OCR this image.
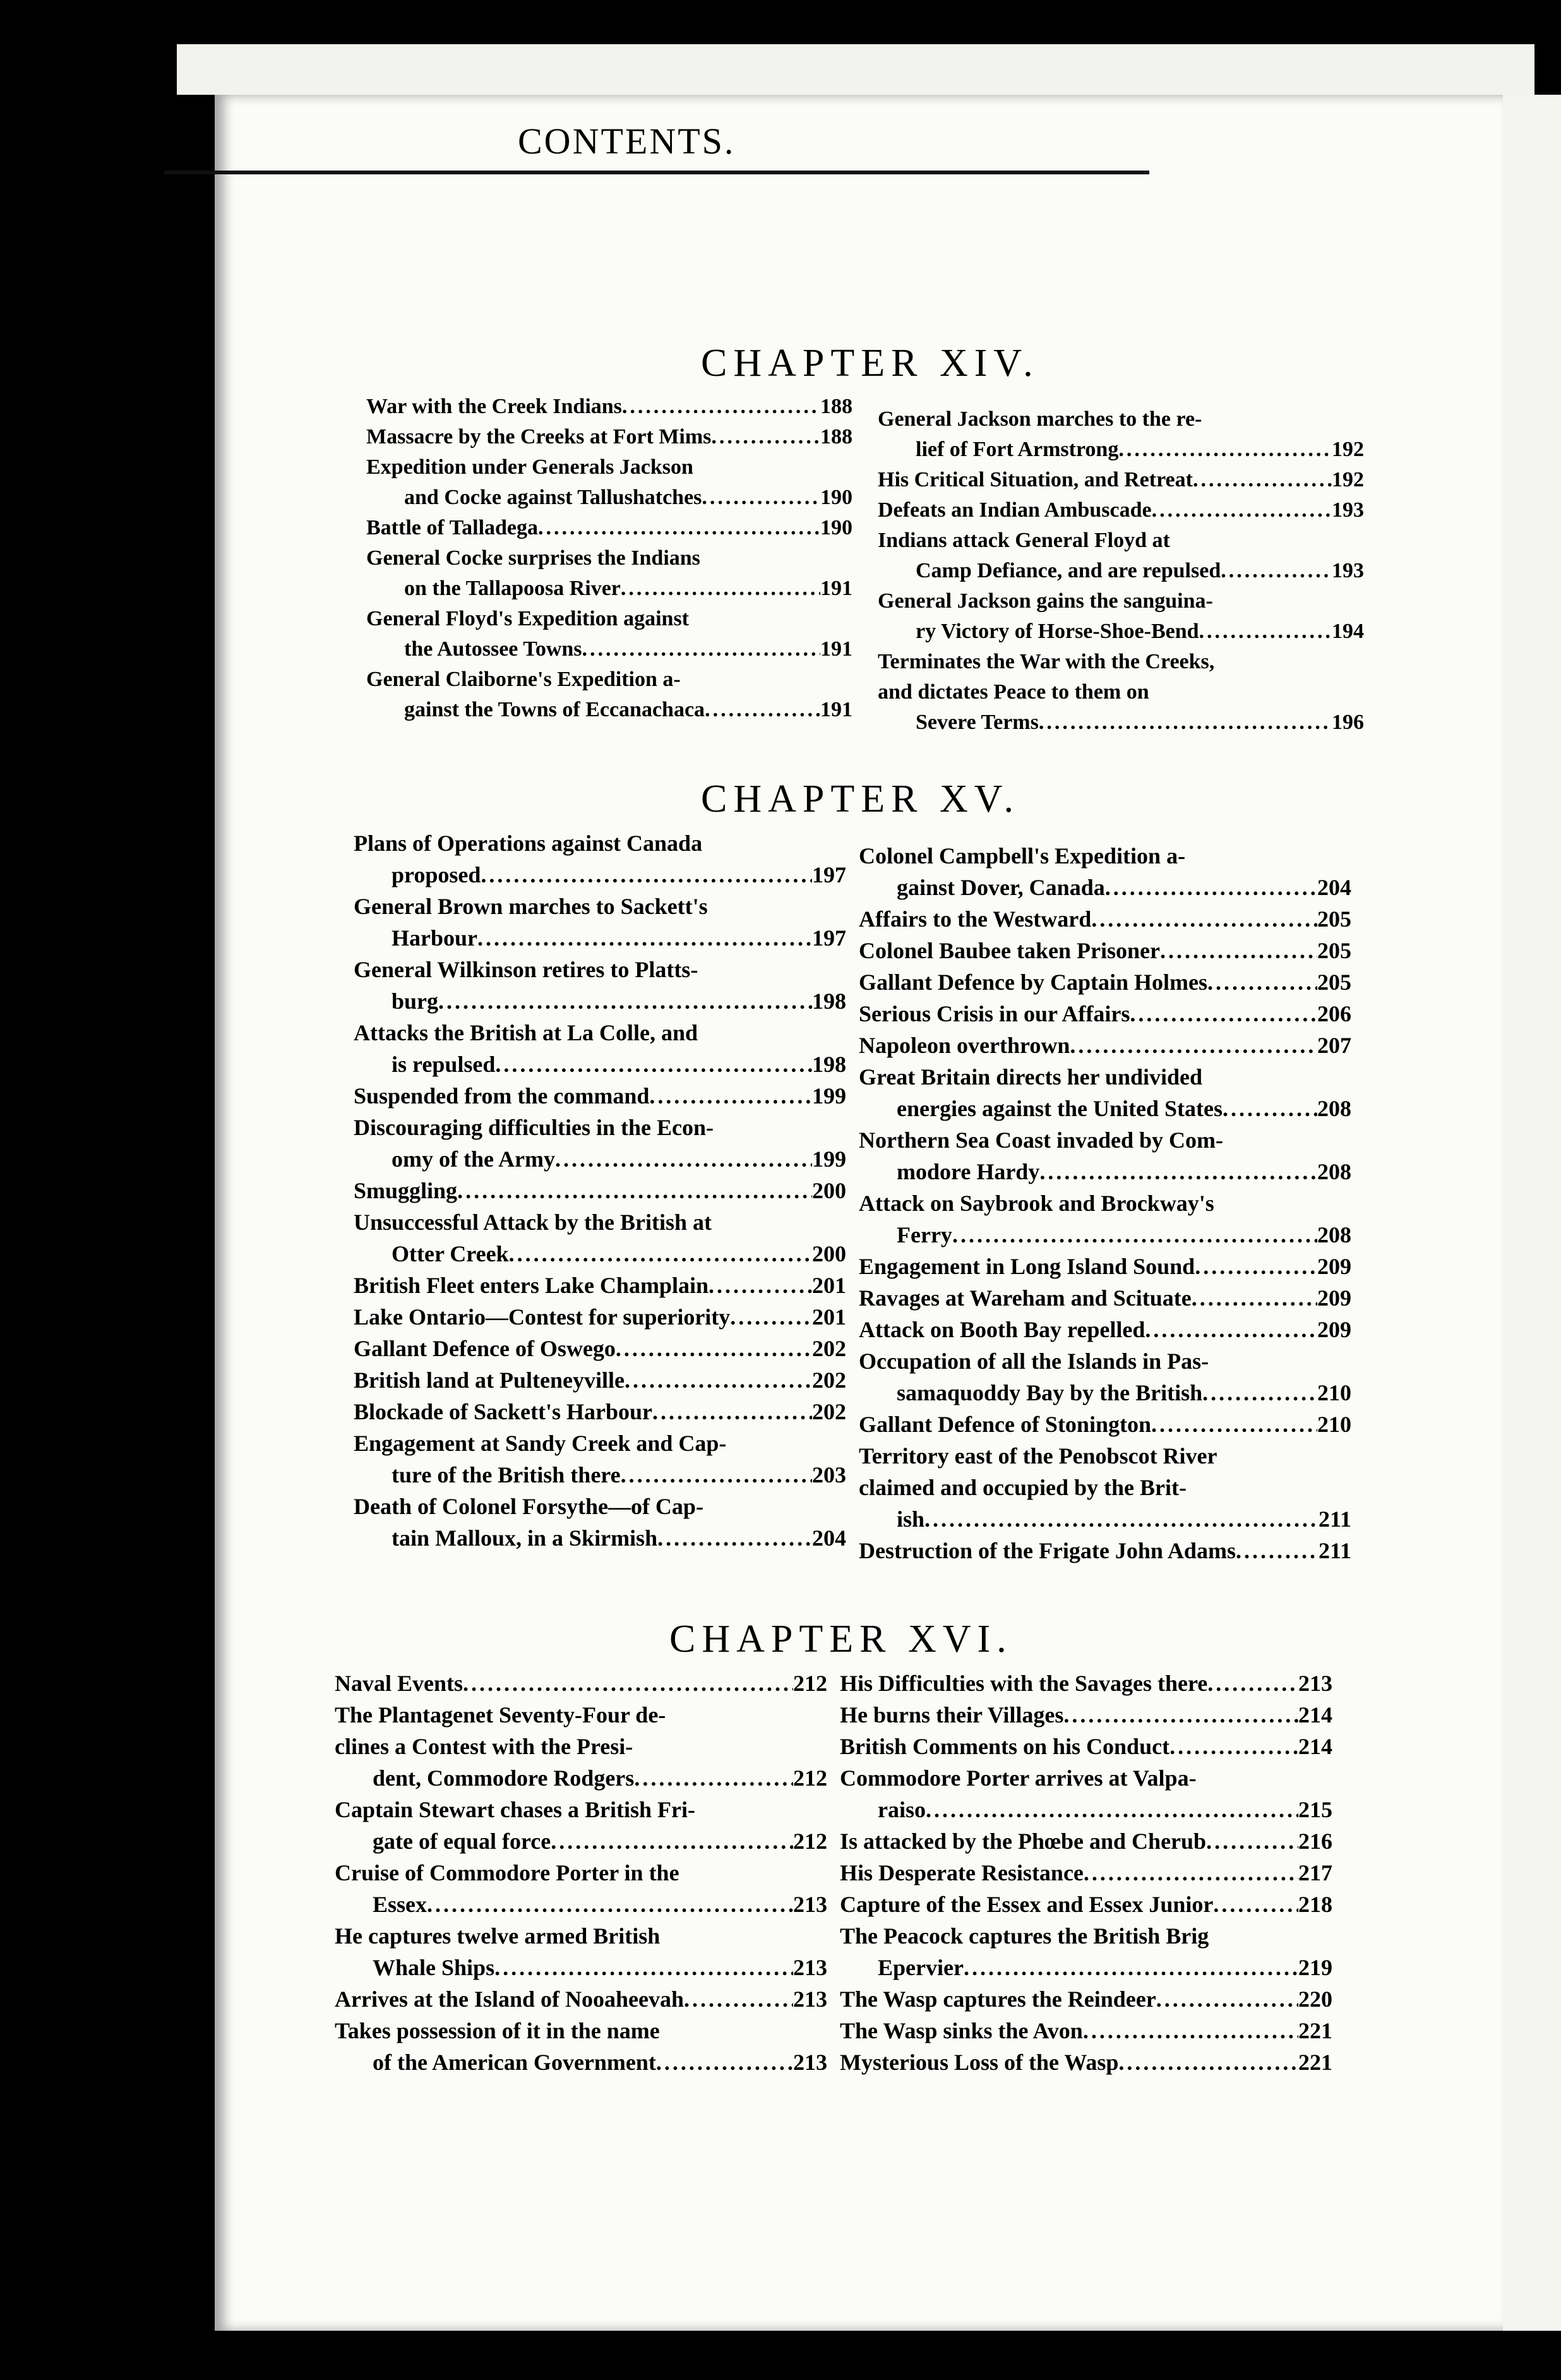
10	CONTENTS.
CHAPTER XIV.
War with the Creek Indians .....	188
Massacre by the Creeks at Fort Mims .....	188
Expedition under Generals Jackson
and Cocke against Tallushatches .....	190
Battle of Talladega .....	190
General Cocke surprises the Indians
on the Tallapoosa River .....	191
General Floyd's Expedition against
the Autossee Towns .....	191
General Claiborne's Expedition a-
gainst the Towns of Eccanachaca .....	191
General Jackson marches to the re-
lief of Fort Armstrong .....	192
His Critical Situation, and Retreat .....	192
Defeats an Indian Ambuscade .....	193
Indians attack General Floyd at
Camp Defiance, and are repulsed .....	193
General Jackson gains the sanguina-
ry Victory of Horse-Shoe-Bend .....	194
Terminates the War with the Creeks,
and dictates Peace to them on
Severe Terms .....	196
CHAPTER XV.
Plans of Operations against Canada
proposed .....	197
General Brown marches to Sackett's
Harbour .....	197
General Wilkinson retires to Platts-
burg .....	198
Attacks the British at La Colle, and
is repulsed .....	198
Suspended from the command .....	199
Discouraging difficulties in the Econ-
omy of the Army .....	199
Smuggling .....	200
Unsuccessful Attack by the British at
Otter Creek .....	200
British Fleet enters Lake Champlain .....	201
Lake Ontario—Contest for superiority .....	201
Gallant Defence of Oswego .....	202
British land at Pulteneyville .....	202
Blockade of Sackett's Harbour .....	202
Engagement at Sandy Creek and Cap-
ture of the British there .....	203
Death of Colonel Forsythe—of Cap-
tain Malloux, in a Skirmish .....	204
Colonel Campbell's Expedition a-
gainst Dover, Canada .....	204
Affairs to the Westward .....	205
Colonel Baubee taken Prisoner .....	205
Gallant Defence by Captain Holmes .....	205
Serious Crisis in our Affairs .....	206
Napoleon overthrown .....	207
Great Britain directs her undivided
energies against the United States .....	208
Northern Sea Coast invaded by Com-
modore Hardy .....	208
Attack on Saybrook and Brockway's
Ferry .....	208
Engagement in Long Island Sound .....	209
Ravages at Wareham and Scituate .....	209
Attack on Booth Bay repelled .....	209
Occupation of all the Islands in Pas-
samaquoddy Bay by the British .....	210
Gallant Defence of Stonington .....	210
Territory east of the Penobscot River
claimed and occupied by the Brit-
ish .....	211
Destruction of the Frigate John Adams .....	211
CHAPTER XVI.
Naval Events .....	212
The Plantagenet Seventy-Four de-
clines a Contest with the Presi-
dent, Commodore Rodgers .....	212
Captain Stewart chases a British Fri-
gate of equal force .....	212
Cruise of Commodore Porter in the
Essex .....	213
He captures twelve armed British
Whale Ships .....	213
Arrives at the Island of Nooaheevah .....	213
Takes possession of it in the name
of the American Government .....	213
His Difficulties with the Savages there .....	213
He burns their Villages .....	214
British Comments on his Conduct .....	214
Commodore Porter arrives at Valpa-
raiso .....	215
Is attacked by the Phœbe and Cherub .....	216
His Desperate Resistance .....	217
Capture of the Essex and Essex Junior .....	218
The Peacock captures the British Brig
Epervier .....	219
The Wasp captures the Reindeer .....	220
The Wasp sinks the Avon .....	221
Mysterious Loss of the Wasp .....	221
